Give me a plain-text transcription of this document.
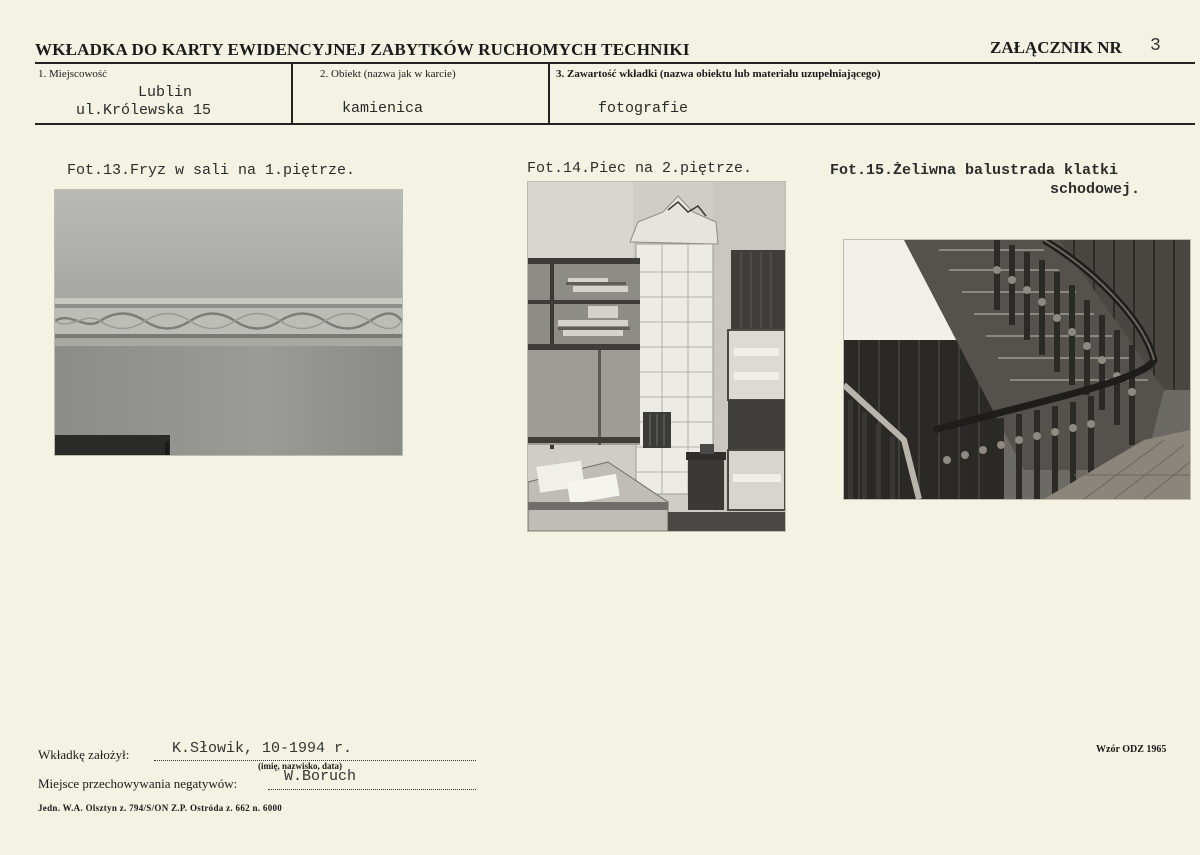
WKŁADKA DO KARTY EWIDENCYJNEJ ZABYTKÓW RUCHOMYCH TECHNIKI	ZAŁĄCZNIK NR 3
1. Miejscowość
Lublin
ul.Królewska 15
2. Obiekt (nazwa jak w karcie)
kamienica
3. Zawartość wkładki (nazwa obiektu lub materiału uzupełniającego)
fotografie
Fot.13.Fryz w sali na 1.piętrze.	Fot.14.Piec na 2.piętrze.	Fot.15.Żeliwna balustrada klatki
schodowej.
Wkładkę założył:	K.Słowik, 10-1994 r.
(imię, nazwisko, data)
Miejsce przechowywania negatywów:	W.Boruch
Jedn. W.A. Olsztyn z. 794/S/ON Z.P. Ostróda z. 662 n. 6000
Wzór ODZ 1965
